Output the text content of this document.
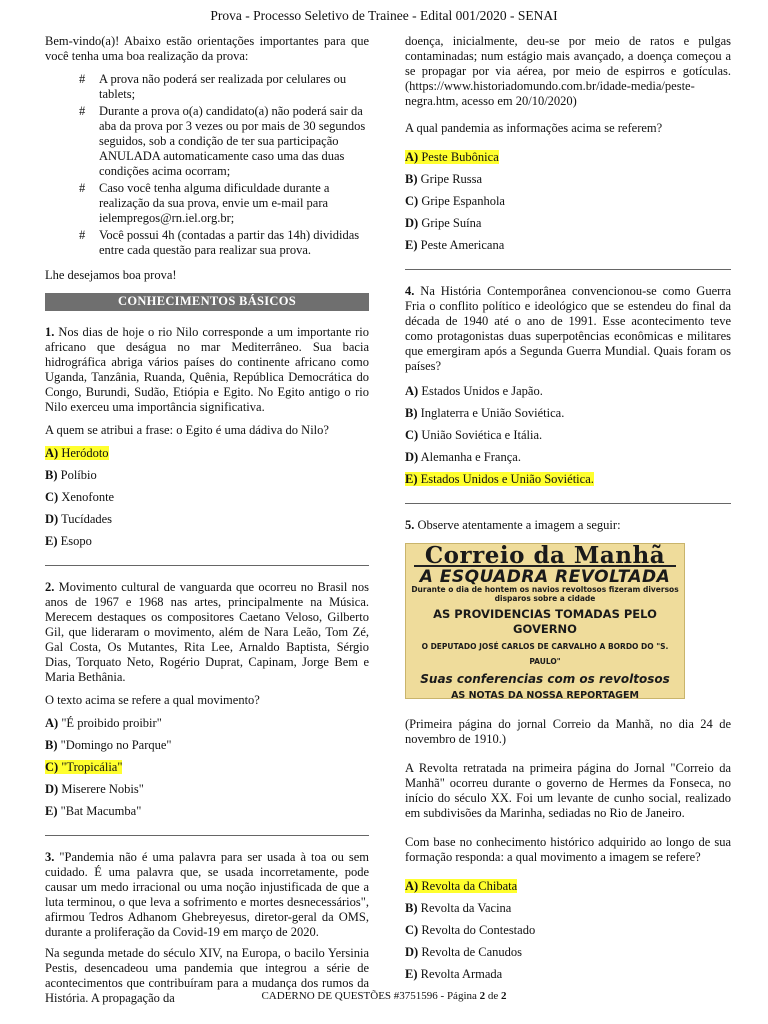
Prova - Processo Seletivo de Trainee - Edital 001/2020 - SENAI

Bem-vindo(a)! Abaixo estão orientações importantes para que você tenha uma boa realização da prova:

# A prova não poderá ser realizada por celulares ou tablets;
# Durante a prova o(a) candidato(a) não poderá sair da aba da prova por 3 vezes ou por mais de 30 segundos seguidos, sob a condição de ter sua participação ANULADA automaticamente caso uma das duas condições acima ocorram;
# Caso você tenha alguma dificuldade durante a realização da sua prova, envie um e-mail para ielempregos@rn.iel.org.br;
# Você possui 4h (contadas a partir das 14h) divididas entre cada questão para realizar sua prova.

Lhe desejamos boa prova!

CONHECIMENTOS BÁSICOS

1. Nos dias de hoje o rio Nilo corresponde a um importante rio africano que deságua no mar Mediterrâneo. Sua bacia hidrográfica abriga vários países do continente africano como Uganda, Tanzânia, Ruanda, Quênia, República Democrática do Congo, Burundi, Sudão, Etiópia e Egito. No Egito antigo o rio Nilo exerceu uma importância significativa.

A quem se atribui a frase: o Egito é uma dádiva do Nilo?

A) Heródoto
B) Políbio
C) Xenofonte
D) Tucídades
E) Esopo

2. Movimento cultural de vanguarda que ocorreu no Brasil nos anos de 1967 e 1968 nas artes, principalmente na Música. Merecem destaques os compositores Caetano Veloso, Gilberto Gil, que lideraram o movimento, além de Nara Leão, Tom Zé, Gal Costa, Os Mutantes, Rita Lee, Arnaldo Baptista, Sérgio Dias, Torquato Neto, Rogério Duprat, Capinam, Jorge Bem e Maria Bethânia.

O texto acima se refere a qual movimento?

A) "É proibido proibir"
B) "Domingo no Parque"
C) "Tropicália"
D) Miserere Nobis"
E) "Bat Macumba"

3. "Pandemia não é uma palavra para ser usada à toa ou sem cuidado. É uma palavra que, se usada incorretamente, pode causar um medo irracional ou uma noção injustificada de que a luta terminou, o que leva a sofrimento e mortes desnecessários", afirmou Tedros Adhanom Ghebreyesus, diretor-geral da OMS, durante a proliferação da Covid-19 em março de 2020.

Na segunda metade do século XIV, na Europa, o bacilo Yersinia Pestis, desencadeou uma pandemia que integrou a série de acontecimentos que contribuíram para a mudança dos rumos da História. A propagação da

doença, inicialmente, deu-se por meio de ratos e pulgas contaminadas; num estágio mais avançado, a doença começou a se propagar por via aérea, por meio de espirros e gotículas. (https://www.historiadomundo.com.br/idade-media/peste-negra.htm, acesso em 20/10/2020)

A qual pandemia as informações acima se referem?

A) Peste Bubônica
B) Gripe Russa
C) Gripe Espanhola
D) Gripe Suína
E) Peste Americana

4. Na História Contemporânea convencionou-se como Guerra Fria o conflito político e ideológico que se estendeu do final da década de 1940 até o ano de 1991. Esse acontecimento teve como protagonistas duas superpotências econômicas e militares que emergiram após a Segunda Guerra Mundial. Quais foram os países?

A) Estados Unidos e Japão.
B) Inglaterra e União Soviética.
C) União Soviética e Itália.
D) Alemanha e França.
E) Estados Unidos e União Soviética.

5. Observe atentamente a imagem a seguir:

Correio da Manhã
A ESQUADRA REVOLTADA
Durante o dia de hontem os navios revoltosos fizeram diversos
disparos sobre a cidade
AS PROVIDENCIAS TOMADAS PELO GOVERNO
O DEPUTADO JOSÉ CARLOS DE CARVALHO A BORDO DO "S. PAULO"
Suas conferencias com os revoltosos
AS NOTAS DA NOSSA REPORTAGEM

(Primeira página do jornal Correio da Manhã, no dia 24 de novembro de 1910.)

A Revolta retratada na primeira página do Jornal "Correio da Manhã" ocorreu durante o governo de Hermes da Fonseca, no início do século XX. Foi um levante de cunho social, realizado em subdivisões da Marinha, sediadas no Rio de Janeiro.

Com base no conhecimento histórico adquirido ao longo de sua formação responda: a qual movimento a imagem se refere?

A) Revolta da Chibata
B) Revolta da Vacina
C) Revolta do Contestado
D) Revolta de Canudos
E) Revolta Armada
CADERNO DE QUESTÕES #3751596 - Página 2 de 2
